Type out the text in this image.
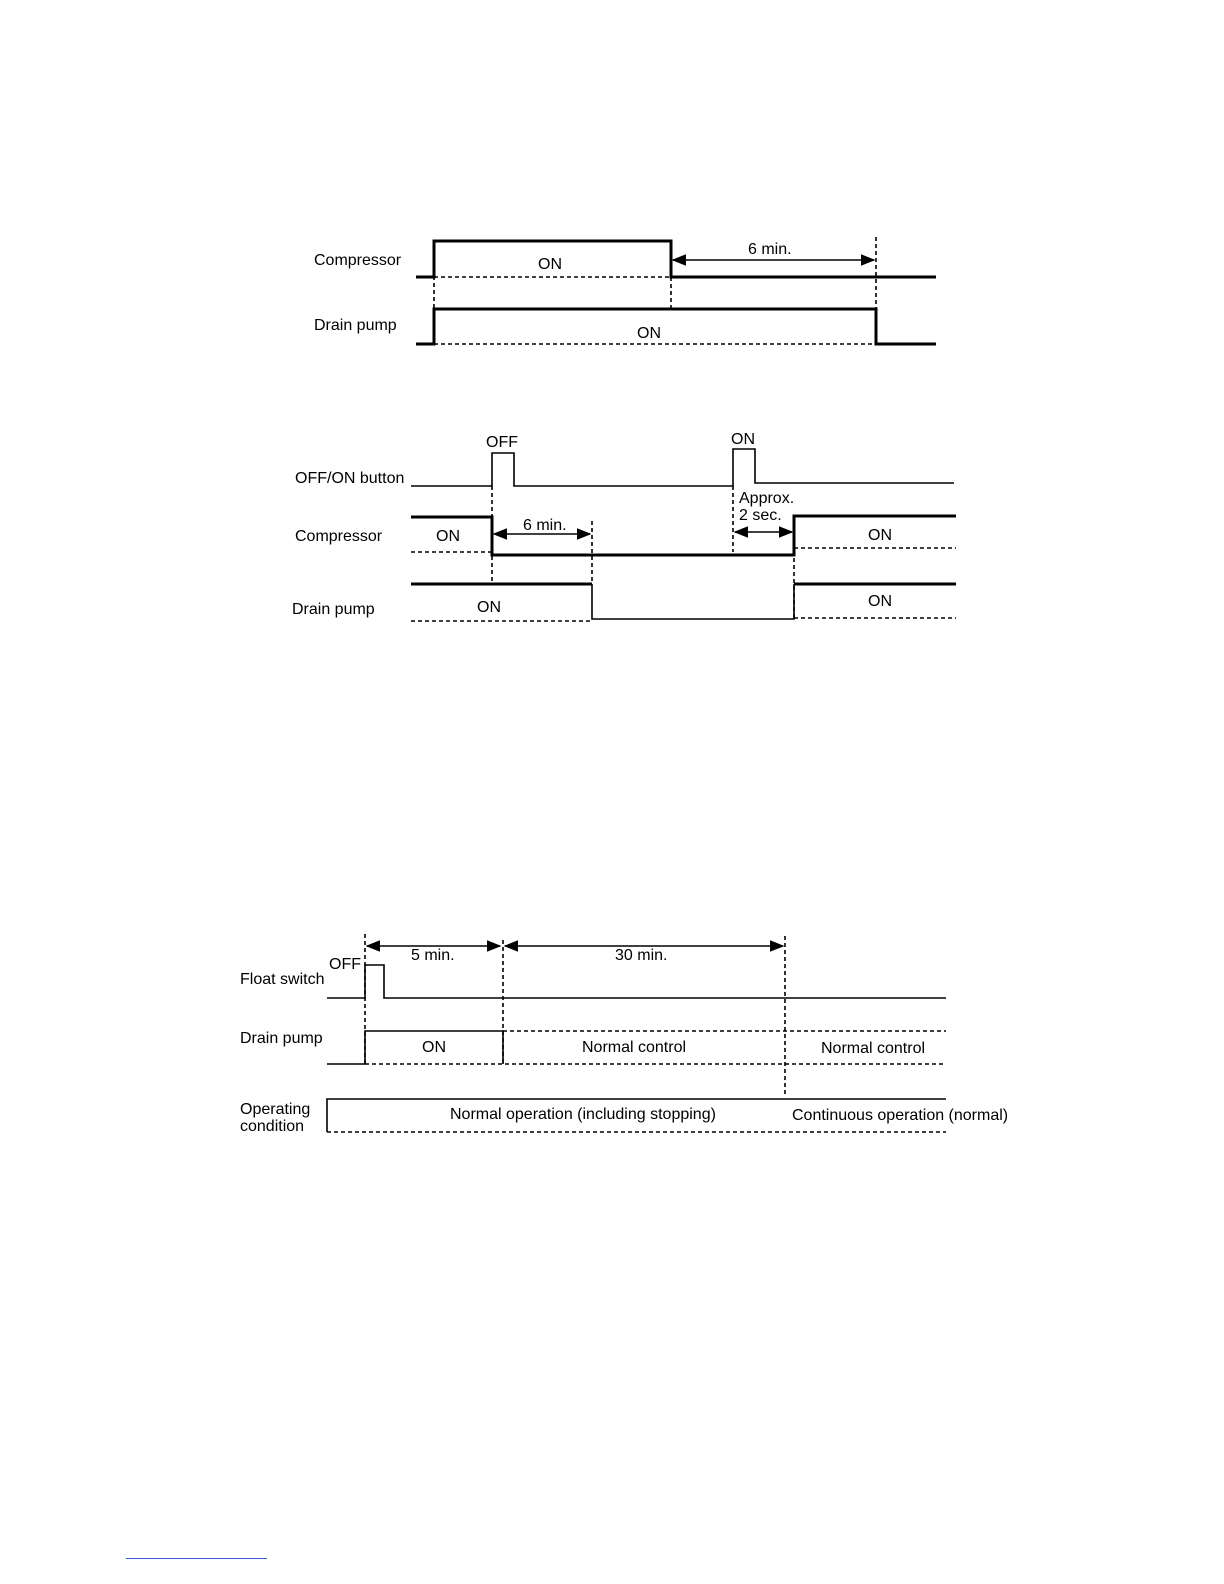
Compressor
Drain pump
ON
6 min.
ON
OFF/ON button
Compressor
Drain pump
OFF	ON
ON	ON
6 min.
Approx.
2 sec.
ON	ON
Float switch
Drain pump
Operating
condition
OFF
5 min.	30 min.
ON	Normal control	Normal control
Normal operation (including stopping)	Continuous operation (normal)
